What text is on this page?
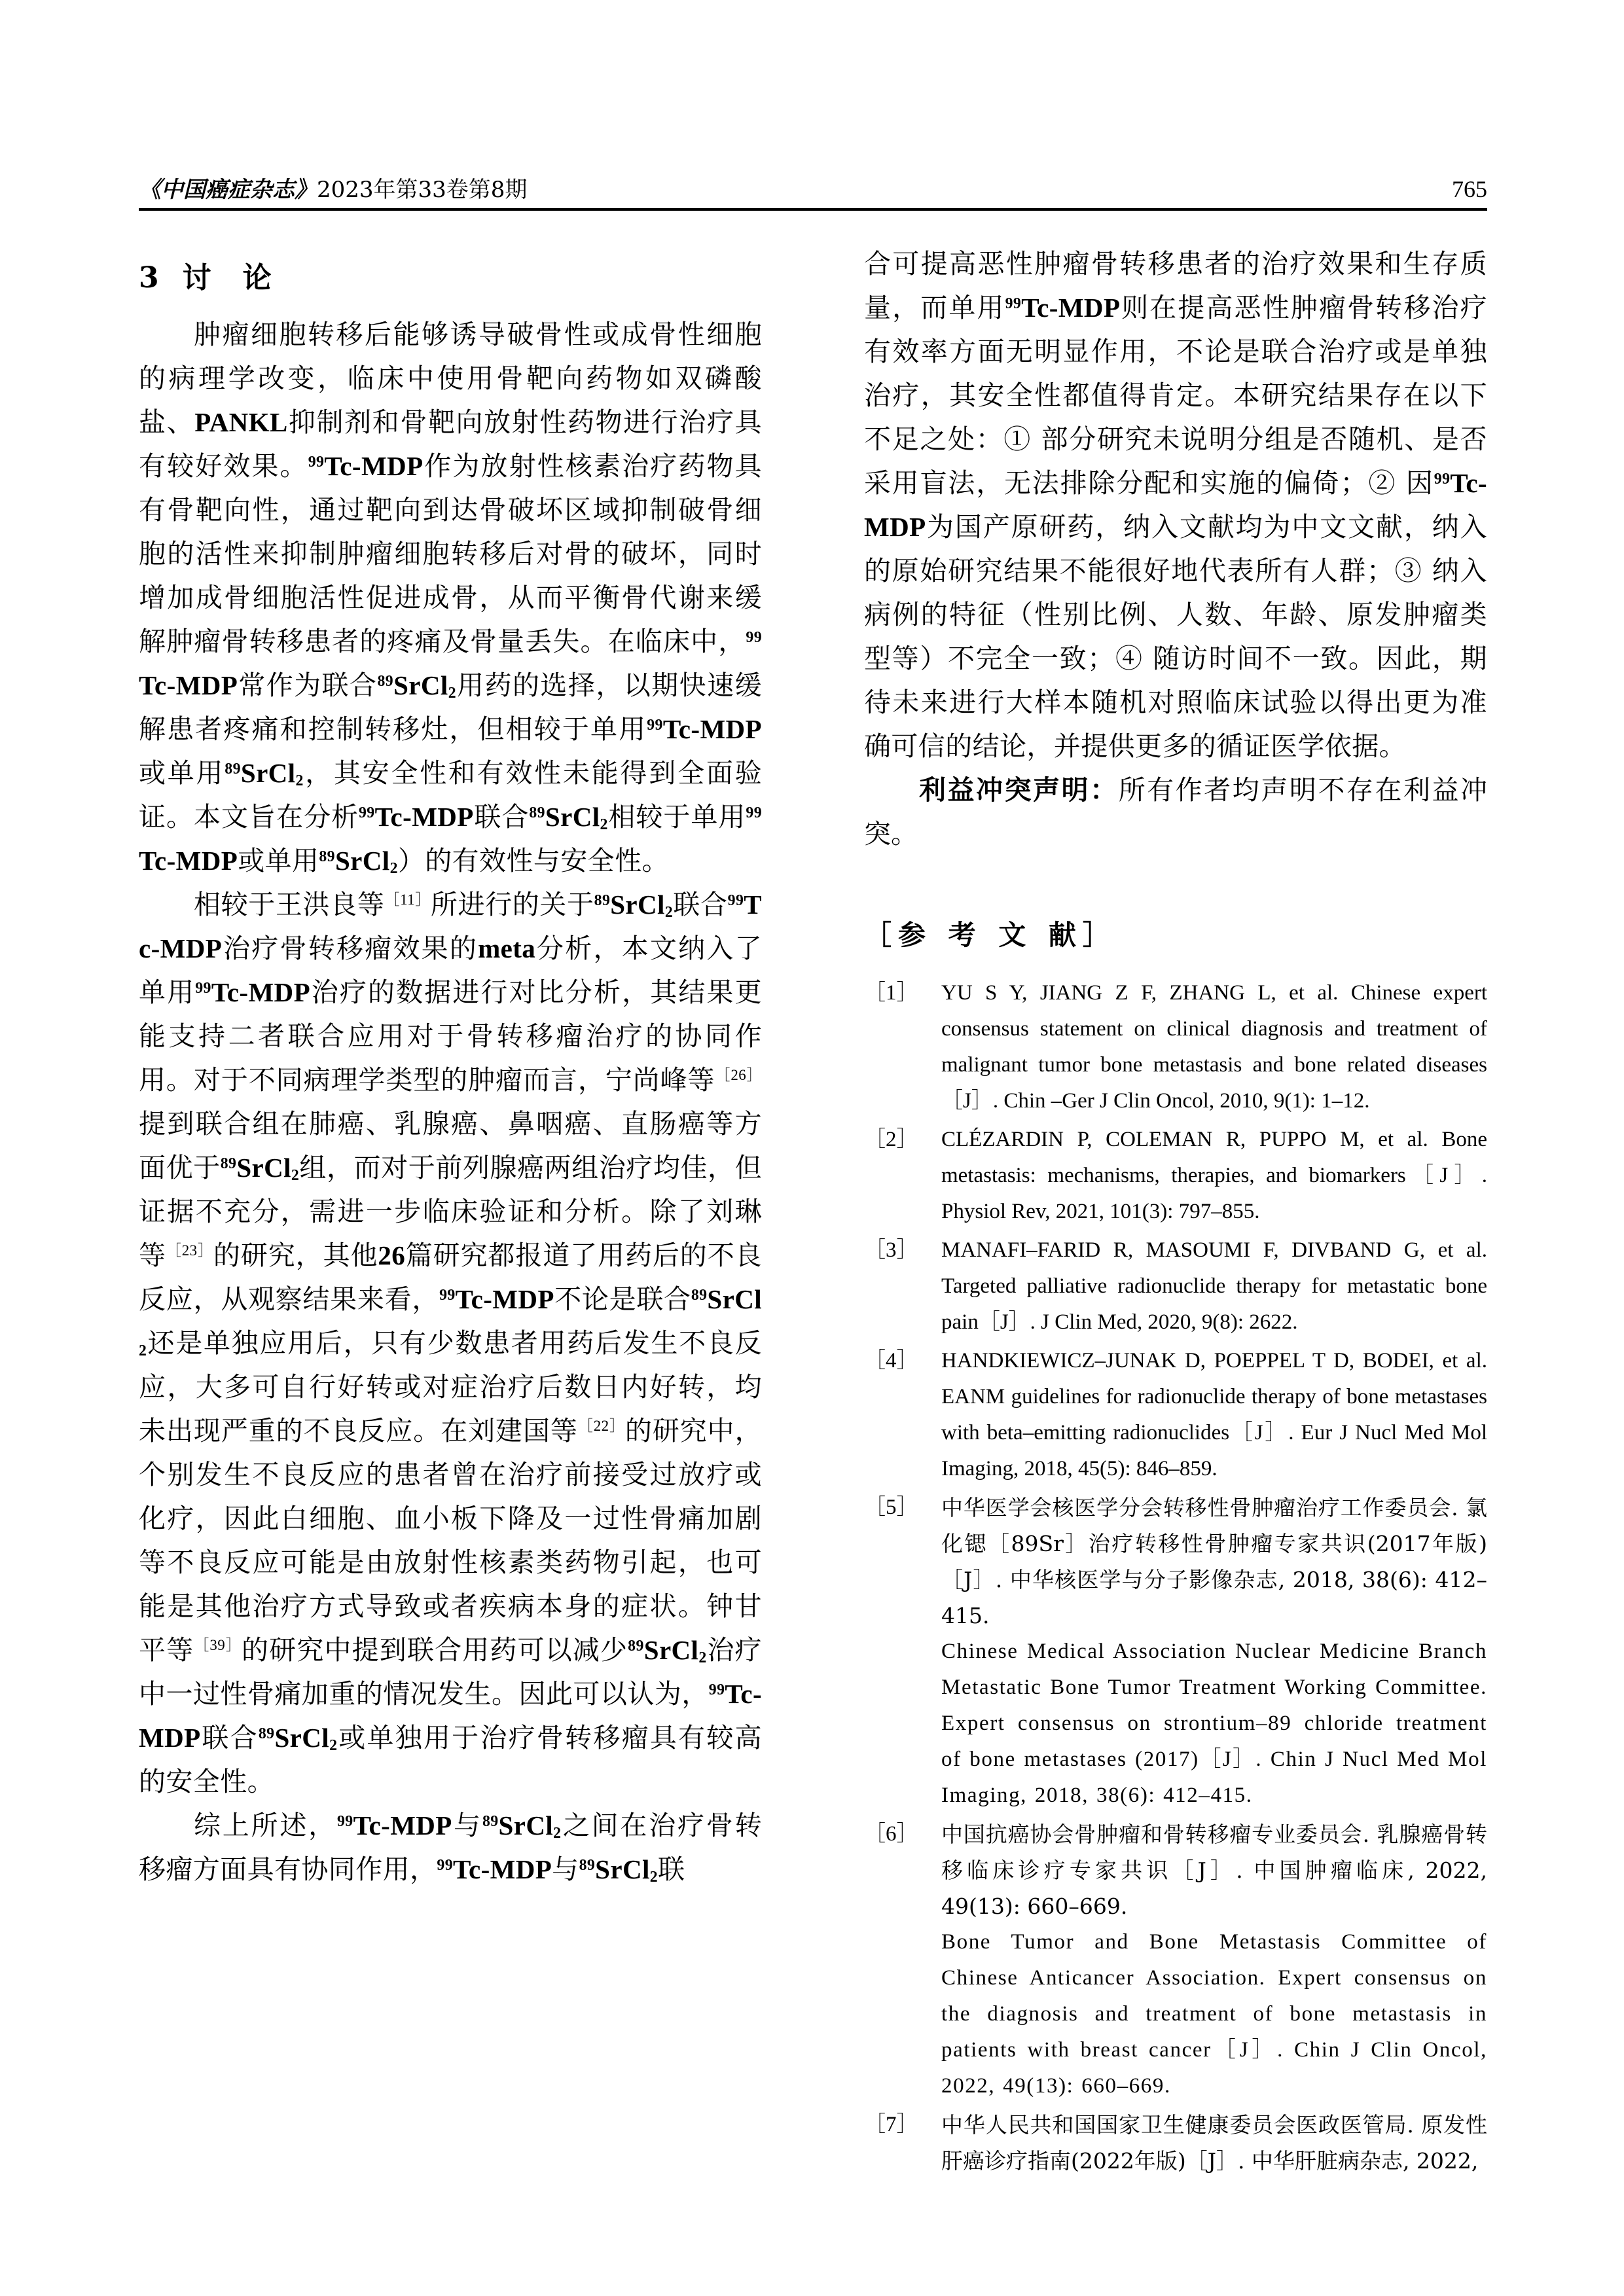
《中国癌症杂志》2023年第33卷第8期	765
3 讨 论

肿瘤细胞转移后能够诱导破骨性或成骨性细胞的病理学改变，临床中使用骨靶向药物如双磷酸盐、PANKL抑制剂和骨靶向放射性药物进行治疗具有较好效果。$^{99}$Tc-MDP作为放射性核素治疗药物具有骨靶向性，通过靶向到达骨破坏区域抑制破骨细胞的活性来抑制肿瘤细胞转移后对骨的破坏，同时增加成骨细胞活性促进成骨，从而平衡骨代谢来缓解肿瘤骨转移患者的疼痛及骨量丢失。在临床中，$^{99}$Tc-MDP常作为联合$^{89}$SrCl$_2$用药的选择，以期快速缓解患者疼痛和控制转移灶，但相较于单用$^{99}$Tc-MDP或单用$^{89}$SrCl$_2$，其安全性和有效性未能得到全面验证。本文旨在分析$^{99}$Tc-MDP联合$^{89}$SrCl$_2$相较于单用$^{99}$Tc-MDP或单用$^{89}$SrCl$_2$）的有效性与安全性。

相较于王洪良等$^{[11]}$所进行的关于$^{89}$SrCl$_2$联合$^{99}$Tc-MDP治疗骨转移瘤效果的meta分析，本文纳入了单用$^{99}$Tc-MDP治疗的数据进行对比分析，其结果更能支持二者联合应用对于骨转移瘤治疗的协同作用。对于不同病理学类型的肿瘤而言，宁尚峰等$^{[26]}$提到联合组在肺癌、乳腺癌、鼻咽癌、直肠癌等方面优于$^{89}$SrCl$_2$组，而对于前列腺癌两组治疗均佳，但证据不充分，需进一步临床验证和分析。除了刘琳等$^{[23]}$的研究，其他26篇研究都报道了用药后的不良反应，从观察结果来看，$^{99}$Tc-MDP不论是联合$^{89}$SrCl$_2$还是单独应用后，只有少数患者用药后发生不良反应，大多可自行好转或对症治疗后数日内好转，均未出现严重的不良反应。在刘建国等$^{[22]}$的研究中，个别发生不良反应的患者曾在治疗前接受过放疗或化疗，因此白细胞、血小板下降及一过性骨痛加剧等不良反应可能是由放射性核素类药物引起，也可能是其他治疗方式导致或者疾病本身的症状。钟甘平等$^{[39]}$的研究中提到联合用药可以减少$^{89}$SrCl$_2$治疗中一过性骨痛加重的情况发生。因此可以认为，$^{99}$Tc-MDP联合$^{89}$SrCl$_2$或单独用于治疗骨转移瘤具有较高的安全性。

综上所述，$^{99}$Tc-MDP与$^{89}$SrCl$_2$之间在治疗骨转移瘤方面具有协同作用，$^{99}$Tc-MDP与$^{89}$SrCl$_2$联

合可提高恶性肿瘤骨转移患者的治疗效果和生存质量，而单用$^{99}$Tc-MDP则在提高恶性肿瘤骨转移治疗有效率方面无明显作用，不论是联合治疗或是单独治疗，其安全性都值得肯定。本研究结果存在以下不足之处：① 部分研究未说明分组是否随机、是否采用盲法，无法排除分配和实施的偏倚；② 因$^{99}$Tc-MDP为国产原研药，纳入文献均为中文文献，纳入的原始研究结果不能很好地代表所有人群；③ 纳入病例的特征（性别比例、人数、年龄、原发肿瘤类型等）不完全一致；④ 随访时间不一致。因此，期待未来进行大样本随机对照临床试验以得出更为准确可信的结论，并提供更多的循证医学依据。

利益冲突声明：所有作者均声明不存在利益冲突。

［参 考 文 献］
［1］	YU S Y, JIANG Z F, ZHANG L, et al. Chinese expert consensus statement on clinical diagnosis and treatment of malignant tumor bone metastasis and bone related diseases［J］. Chin –Ger J Clin Oncol, 2010, 9(1): 1–12.
［2］	CLÉZARDIN P, COLEMAN R, PUPPO M, et al. Bone metastasis: mechanisms, therapies, and biomarkers［J］. Physiol Rev, 2021, 101(3): 797–855.
［3］	MANAFI–FARID R, MASOUMI F, DIVBAND G, et al. Targeted palliative radionuclide therapy for metastatic bone pain［J］. J Clin Med, 2020, 9(8): 2622.
［4］	HANDKIEWICZ–JUNAK D, POEPPEL T D, BODEI, et al. EANM guidelines for radionuclide therapy of bone metastases with beta–emitting radionuclides［J］. Eur J Nucl Med Mol Imaging, 2018, 45(5): 846–859.
［5］	中华医学会核医学分会转移性骨肿瘤治疗工作委员会. 氯化锶［89Sr］治疗转移性骨肿瘤专家共识(2017年版)［J］. 中华核医学与分子影像杂志, 2018, 38(6): 412–415.
Chinese Medical Association Nuclear Medicine Branch Metastatic Bone Tumor Treatment Working Committee. Expert consensus on strontium–89 chloride treatment of bone metastases (2017)［J］. Chin J Nucl Med Mol Imaging, 2018, 38(6): 412–415.
［6］	中国抗癌协会骨肿瘤和骨转移瘤专业委员会. 乳腺癌骨转移临床诊疗专家共识［J］. 中国肿瘤临床, 2022, 49(13): 660–669.
Bone Tumor and Bone Metastasis Committee of Chinese Anticancer Association. Expert consensus on the diagnosis and treatment of bone metastasis in patients with breast cancer［J］. Chin J Clin Oncol, 2022, 49(13): 660–669.
［7］	中华人民共和国国家卫生健康委员会医政医管局. 原发性肝癌诊疗指南(2022年版)［J］. 中华肝脏病杂志, 2022,
